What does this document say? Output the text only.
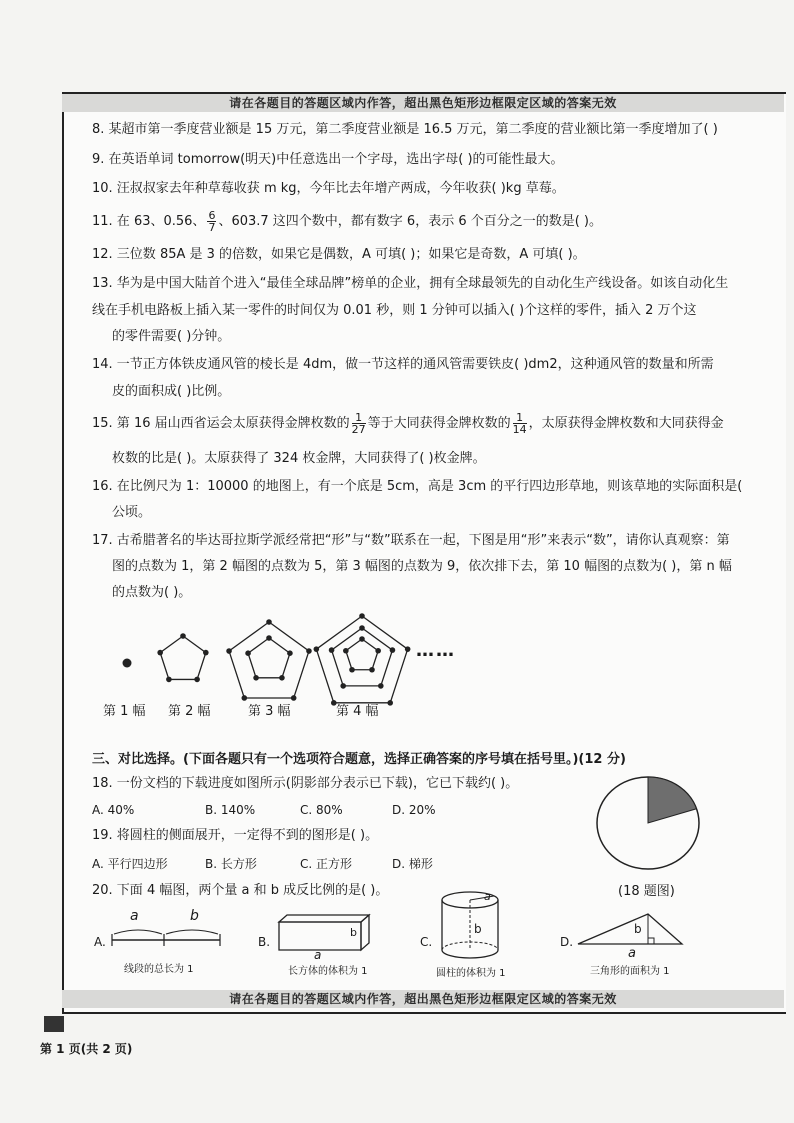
请在各题目的答题区域内作答，超出黑色矩形边框限定区域的答案无效
8. 某超市第一季度营业额是 15 万元，第二季度营业额是 16.5 万元，第二季度的营业额比第一季度增加了( )
9. 在英语单词 tomorrow(明天)中任意选出一个字母，选出字母( )的可能性最大。
10. 汪叔叔家去年种草莓收获 m kg，今年比去年增产两成，今年收获( )kg 草莓。
11. 在 63、0.56、 $\frac{6}{7}$ 、603.7 这四个数中，都有数字 6，表示 6 个百分之一的数是( )。
12. 三位数 85A 是 3 的倍数，如果它是偶数，A 可填( )；如果它是奇数，A 可填( )。
13. 华为是中国大陆首个进入“最佳全球品牌”榜单的企业，拥有全球最领先的自动化生产线设备。如该自动化生
线在手机电路板上插入某一零件的时间仅为 0.01 秒，则 1 分钟可以插入( )个这样的零件，插入 2 万个这
的零件需要( )分钟。
14. 一节正方体铁皮通风管的棱长是 4dm，做一节这样的通风管需要铁皮( )dm2，这种通风管的数量和所需
皮的面积成( )比例。
15. 第 16 届山西省运会太原获得金牌枚数的 $\frac{1}{27}$ 等于大同获得金牌枚数的 $\frac{1}{14}$ ，太原获得金牌枚数和大同获得金
枚数的比是( )。太原获得了 324 枚金牌，大同获得了( )枚金牌。
16. 在比例尺为 1：10000 的地图上，有一个底是 5cm，高是 3cm 的平行四边形草地，则该草地的实际面积是(
公顷。
17. 古希腊著名的毕达哥拉斯学派经常把“形”与“数”联系在一起，下图是用“形”来表示“数”，请你认真观察：第
图的点数为 1，第 2 幅图的点数为 5，第 3 幅图的点数为 9，依次排下去，第 10 幅图的点数为( )，第 n 幅
的点数为( )。
……
第 1 幅 第 2 幅	第 3 幅	第 4 幅
三、对比选择。(下面各题只有一个选项符合题意，选择正确答案的序号填在括号里。)(12 分)
18. 一份文档的下载进度如图所示(阴影部分表示已下载)，它已下载约( )。
A. 40%	B. 140%	C. 80%	D. 20%
(18 题图)
19. 将圆柱的侧面展开，一定得不到的图形是( )。
A. 平行四边形	B. 长方形	C. 正方形	D. 梯形
20. 下面 4 幅图，两个量 a 和 b 成反比例的是( )。
A.
a	b
线段的总长为 1
B.
b
a
长方体的体积为 1
C.
b
a
圆柱的体积为 1
D.
b
a
三角形的面积为 1
请在各题目的答题区域内作答，超出黑色矩形边框限定区域的答案无效
第 1 页(共 2 页)
